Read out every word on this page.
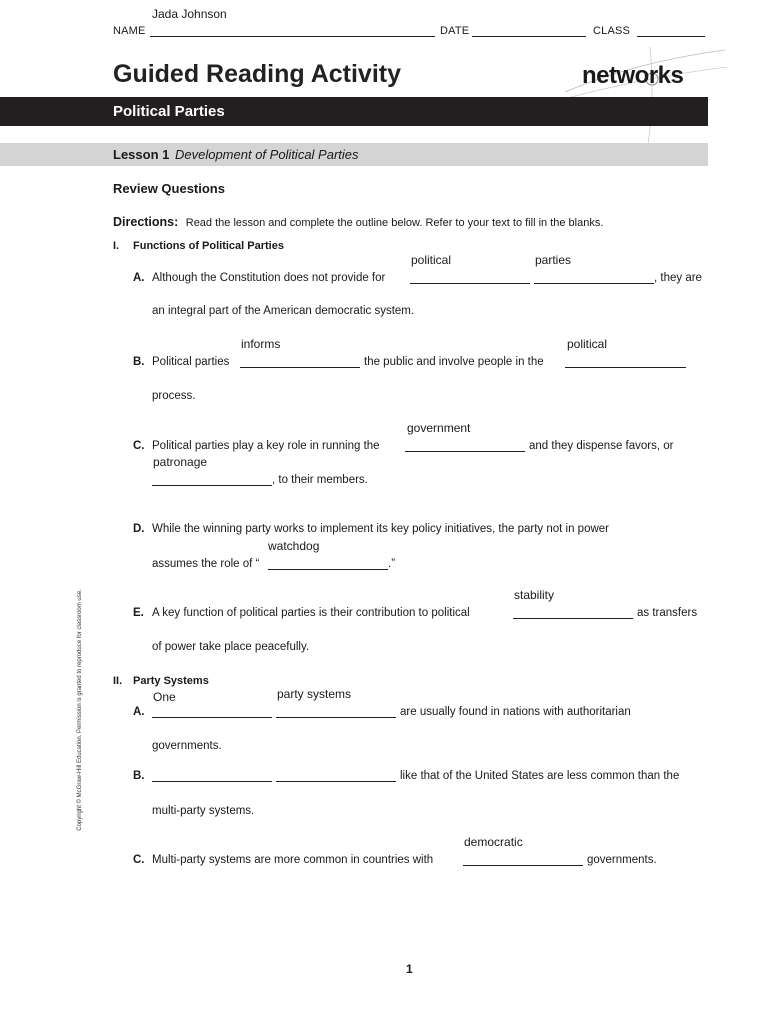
Jada Johnson
NAME	DATE	CLASS
Guided Reading Activity	networks
Political Parties
Lesson 1 Development of Political Parties
Review Questions
Directions: Read the lesson and complete the outline below. Refer to your text to fill in the blanks.
I. Functions of Political Parties
political	parties
A. Although the Constitution does not provide for	, they are
an integral part of the American democratic system.
informs	political
B. Political parties	the public and involve people in the
process.
government
C. Political parties play a key role in running the	and they dispense favors, or
patronage
, to their members.
D. While the winning party works to implement its key policy initiatives, the party not in power
watchdog
assumes the role of “	.”
stability
E. A key function of political parties is their contribution to political	as transfers
of power take place peacefully.
II. Party Systems
One	party systems
A.	are usually found in nations with authoritarian
governments.
B.	like that of the United States are less common than the
multi-party systems.
democratic
C. Multi-party systems are more common in countries with	governments.
Copyright © McGraw-Hill Education. Permission is granted to reproduce for classroom use.
1
